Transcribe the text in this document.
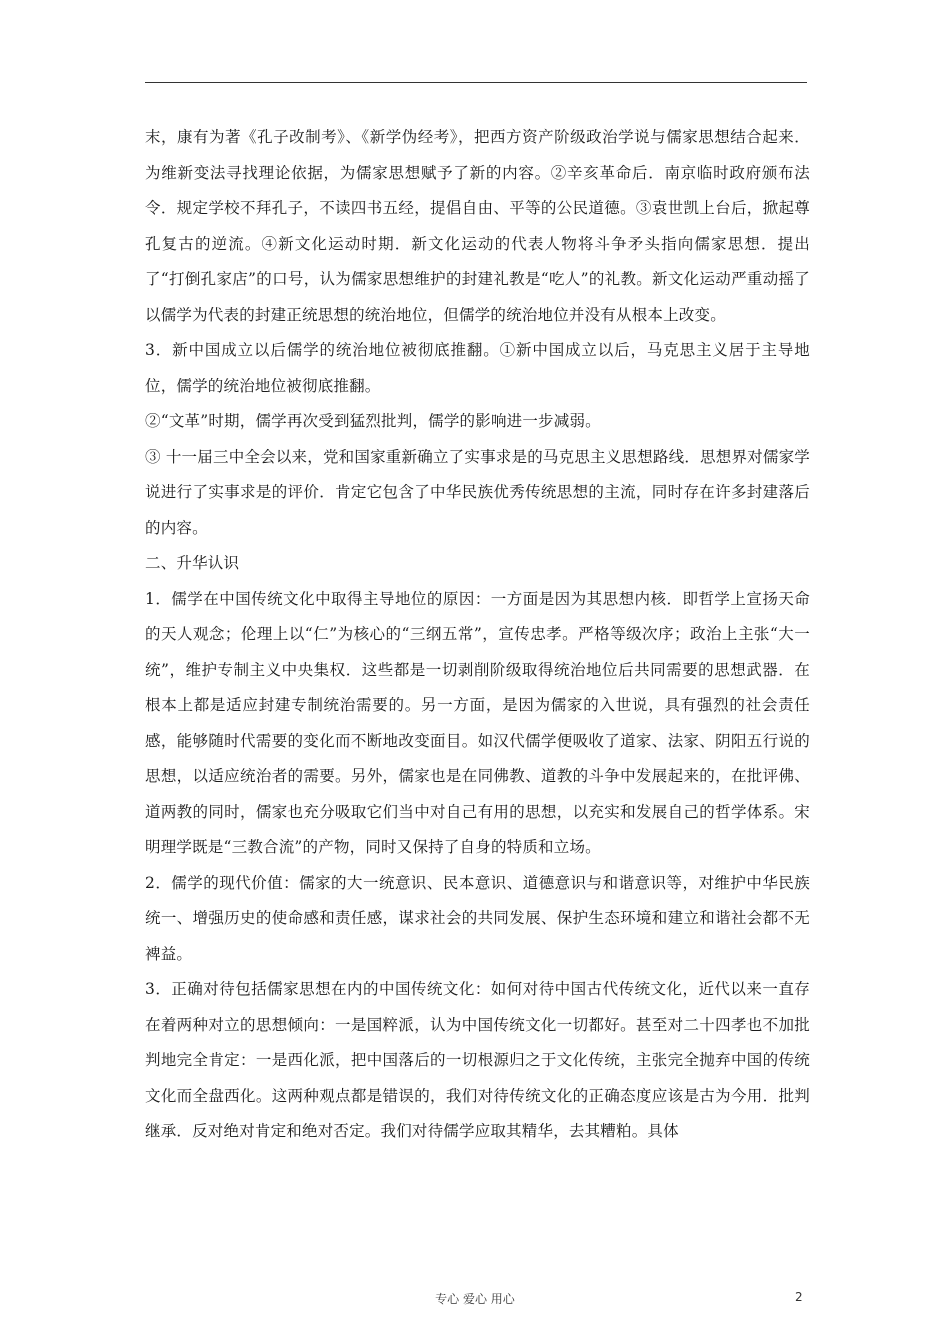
末，康有为著《孔子改制考》、《新学伪经考》，把西方资产阶级政治学说与儒家思想结合起来．为维新变法寻找理论依据，为儒家思想赋予了新的内容。②辛亥革命后．南京临时政府颁布法令．规定学校不拜孔子，不读四书五经，提倡自由、平等的公民道德。③袁世凯上台后，掀起尊孔复古的逆流。④新文化运动时期．新文化运动的代表人物将斗争矛头指向儒家思想．提出了“打倒孔家店”的口号，认为儒家思想维护的封建礼教是“吃人”的礼教。新文化运动严重动摇了以儒学为代表的封建正统思想的统治地位，但儒学的统治地位并没有从根本上改变。

3．新中国成立以后儒学的统治地位被彻底推翻。①新中国成立以后，马克思主义居于主导地位，儒学的统治地位被彻底推翻。

②“文革”时期，儒学再次受到猛烈批判，儒学的影响进一步减弱。

③ 十一届三中全会以来，党和国家重新确立了实事求是的马克思主义思想路线．思想界对儒家学说进行了实事求是的评价．肯定它包含了中华民族优秀传统思想的主流，同时存在许多封建落后的内容。

二、升华认识

1．儒学在中国传统文化中取得主导地位的原因：一方面是因为其思想内核．即哲学上宣扬天命的天人观念；伦理上以“仁”为核心的“三纲五常”，宣传忠孝。严格等级次序；政治上主张“大一统”，维护专制主义中央集权．这些都是一切剥削阶级取得统治地位后共同需要的思想武器．在根本上都是适应封建专制统治需要的。另一方面，是因为儒家的入世说，具有强烈的社会责任感，能够随时代需要的变化而不断地改变面目。如汉代儒学便吸收了道家、法家、阴阳五行说的思想，以适应统治者的需要。另外，儒家也是在同佛教、道教的斗争中发展起来的，在批评佛、道两教的同时，儒家也充分吸取它们当中对自己有用的思想，以充实和发展自己的哲学体系。宋明理学既是“三教合流”的产物，同时又保持了自身的特质和立场。

2．儒学的现代价值：儒家的大一统意识、民本意识、道德意识与和谐意识等，对维护中华民族统一、增强历史的使命感和责任感，谋求社会的共同发展、保护生态环境和建立和谐社会都不无裨益。

3．正确对待包括儒家思想在内的中国传统文化：如何对待中国古代传统文化，近代以来一直存在着两种对立的思想倾向：一是国粹派，认为中国传统文化一切都好。甚至对二十四孝也不加批判地完全肯定：一是西化派，把中国落后的一切根源归之于文化传统，主张完全抛弃中国的传统文化而全盘西化。这两种观点都是错误的，我们对待传统文化的正确态度应该是古为今用．批判继承．反对绝对肯定和绝对否定。我们对待儒学应取其精华，去其糟粕。具体

专心 爱心 用心	2
